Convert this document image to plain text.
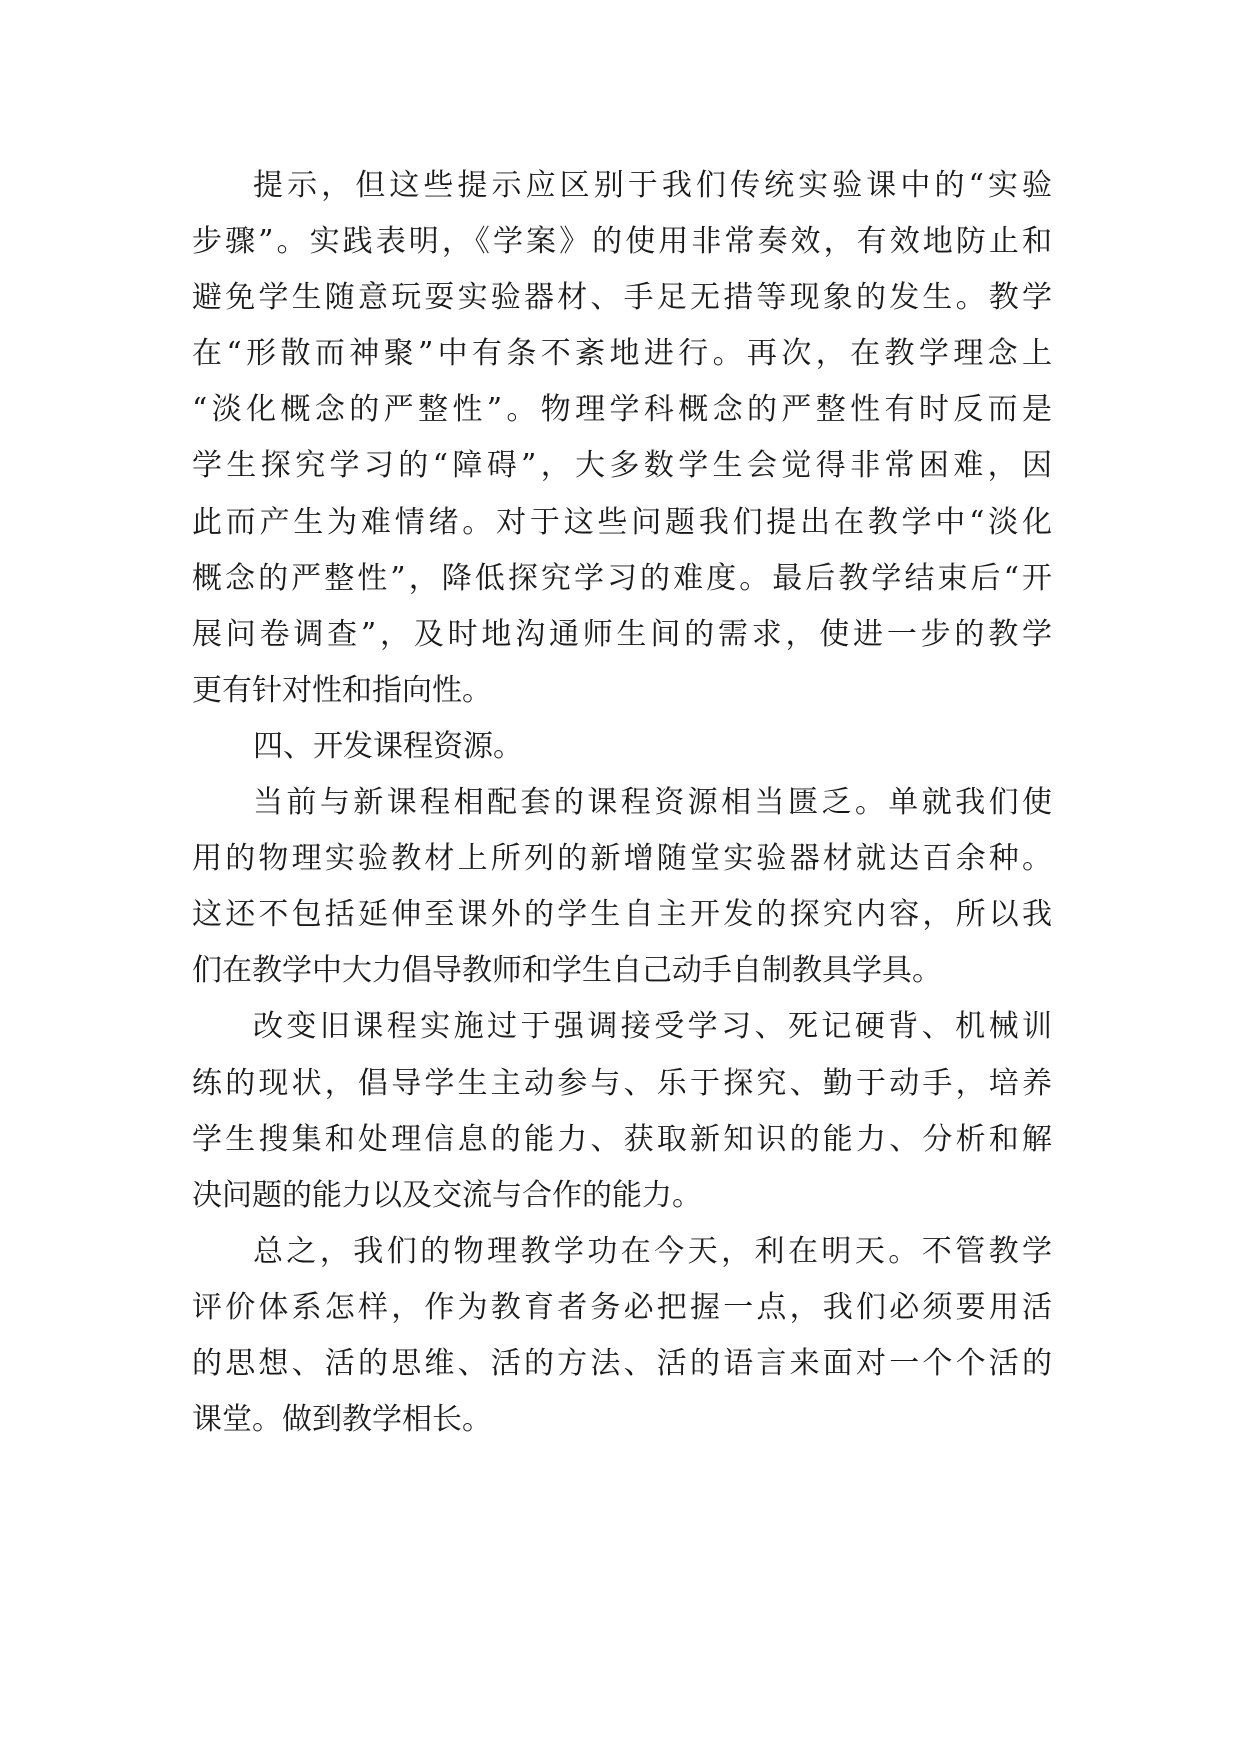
提示，但这些提示应区别于我们传统实验课中的“实验
步骤”。实践表明，《学案》的使用非常奏效，有效地防止和
避免学生随意玩耍实验器材、手足无措等现象的发生。教学
在“形散而神聚”中有条不紊地进行。再次，在教学理念上
“淡化概念的严整性”。物理学科概念的严整性有时反而是
学生探究学习的“障碍”，大多数学生会觉得非常困难，因
此而产生为难情绪。对于这些问题我们提出在教学中“淡化
概念的严整性”，降低探究学习的难度。最后教学结束后“开
展问卷调查”，及时地沟通师生间的需求，使进一步的教学
更有针对性和指向性。
四、开发课程资源。
当前与新课程相配套的课程资源相当匮乏。单就我们使
用的物理实验教材上所列的新增随堂实验器材就达百余种。
这还不包括延伸至课外的学生自主开发的探究内容，所以我
们在教学中大力倡导教师和学生自己动手自制教具学具。
改变旧课程实施过于强调接受学习、死记硬背、机械训
练的现状，倡导学生主动参与、乐于探究、勤于动手，培养
学生搜集和处理信息的能力、获取新知识的能力、分析和解
决问题的能力以及交流与合作的能力。
总之，我们的物理教学功在今天，利在明天。不管教学
评价体系怎样，作为教育者务必把握一点，我们必须要用活
的思想、活的思维、活的方法、活的语言来面对一个个活的
课堂。做到教学相长。
